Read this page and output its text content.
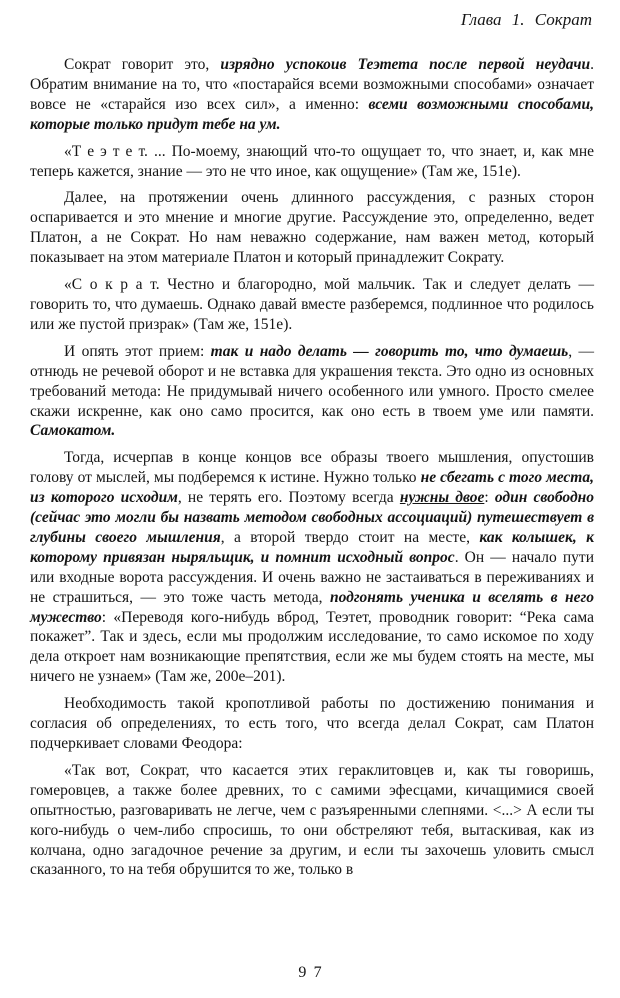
Глава 1. Сократ

Сократ говорит это, изрядно успокоив Теэтета после первой неудачи. Обратим внимание на то, что «постарайся всеми возможными способами» означает вовсе не «старайся изо всех сил», а именно: всеми возможными способами, которые только придут тебе на ум.

«Т е э т е т. ... По-моему, знающий что-то ощущает то, что знает, и, как мне теперь кажется, знание — это не что иное, как ощущение» (Там же, 151e).

Далее, на протяжении очень длинного рассуждения, с разных сторон оспаривается и это мнение и многие другие. Рассуждение это, определенно, ведет Платон, а не Сократ. Но нам неважно содержание, нам важен метод, который показывает на этом материале Платон и который принадлежит Сократу.

«С о к р а т. Честно и благородно, мой мальчик. Так и следует делать — говорить то, что думаешь. Однако давай вместе разберемся, подлинное что родилось или же пустой призрак» (Там же, 151e).

И опять этот прием: так и надо делать — говорить то, что думаешь, — отнюдь не речевой оборот и не вставка для украшения текста. Это одно из основных требований метода: Не придумывай ничего особенного или умного. Просто смелее скажи искренне, как оно само просится, как оно есть в твоем уме или памяти. Самокатом.

Тогда, исчерпав в конце концов все образы твоего мышления, опустошив голову от мыслей, мы подберемся к истине. Нужно только не сбегать с того места, из которого исходим, не терять его. Поэтому всегда нужны двое: один свободно (сейчас это могли бы назвать методом свободных ассоциаций) путешествует в глубины своего мышления, а второй твердо стоит на месте, как колышек, к которому привязан ныряльщик, и помнит исходный вопрос. Он — начало пути или входные ворота рассуждения. И очень важно не застаиваться в переживаниях и не страшиться, — это тоже часть метода, подгонять ученика и вселять в него мужество: «Переводя кого-нибудь вброд, Теэтет, проводник говорит: “Река сама покажет”. Так и здесь, если мы продолжим исследование, то само искомое по ходу дела откроет нам возникающие препятствия, если же мы будем стоять на месте, мы ничего не узнаем» (Там же, 200e–201).

Необходимость такой кропотливой работы по достижению понимания и согласия об определениях, то есть того, что всегда делал Сократ, сам Платон подчеркивает словами Феодора:

«Так вот, Сократ, что касается этих гераклитовцев и, как ты говоришь, гомеровцев, а также более древних, то с самими эфесцами, кичащимися своей опытностью, разговаривать не легче, чем с разъяренными слепнями. <...> А если ты кого-нибудь о чем-либо спросишь, то они обстреляют тебя, вытаскивая, как из колчана, одно загадочное речение за другим, и если ты захочешь уловить смысл сказанного, то на тебя обрушится то же, только в

97
